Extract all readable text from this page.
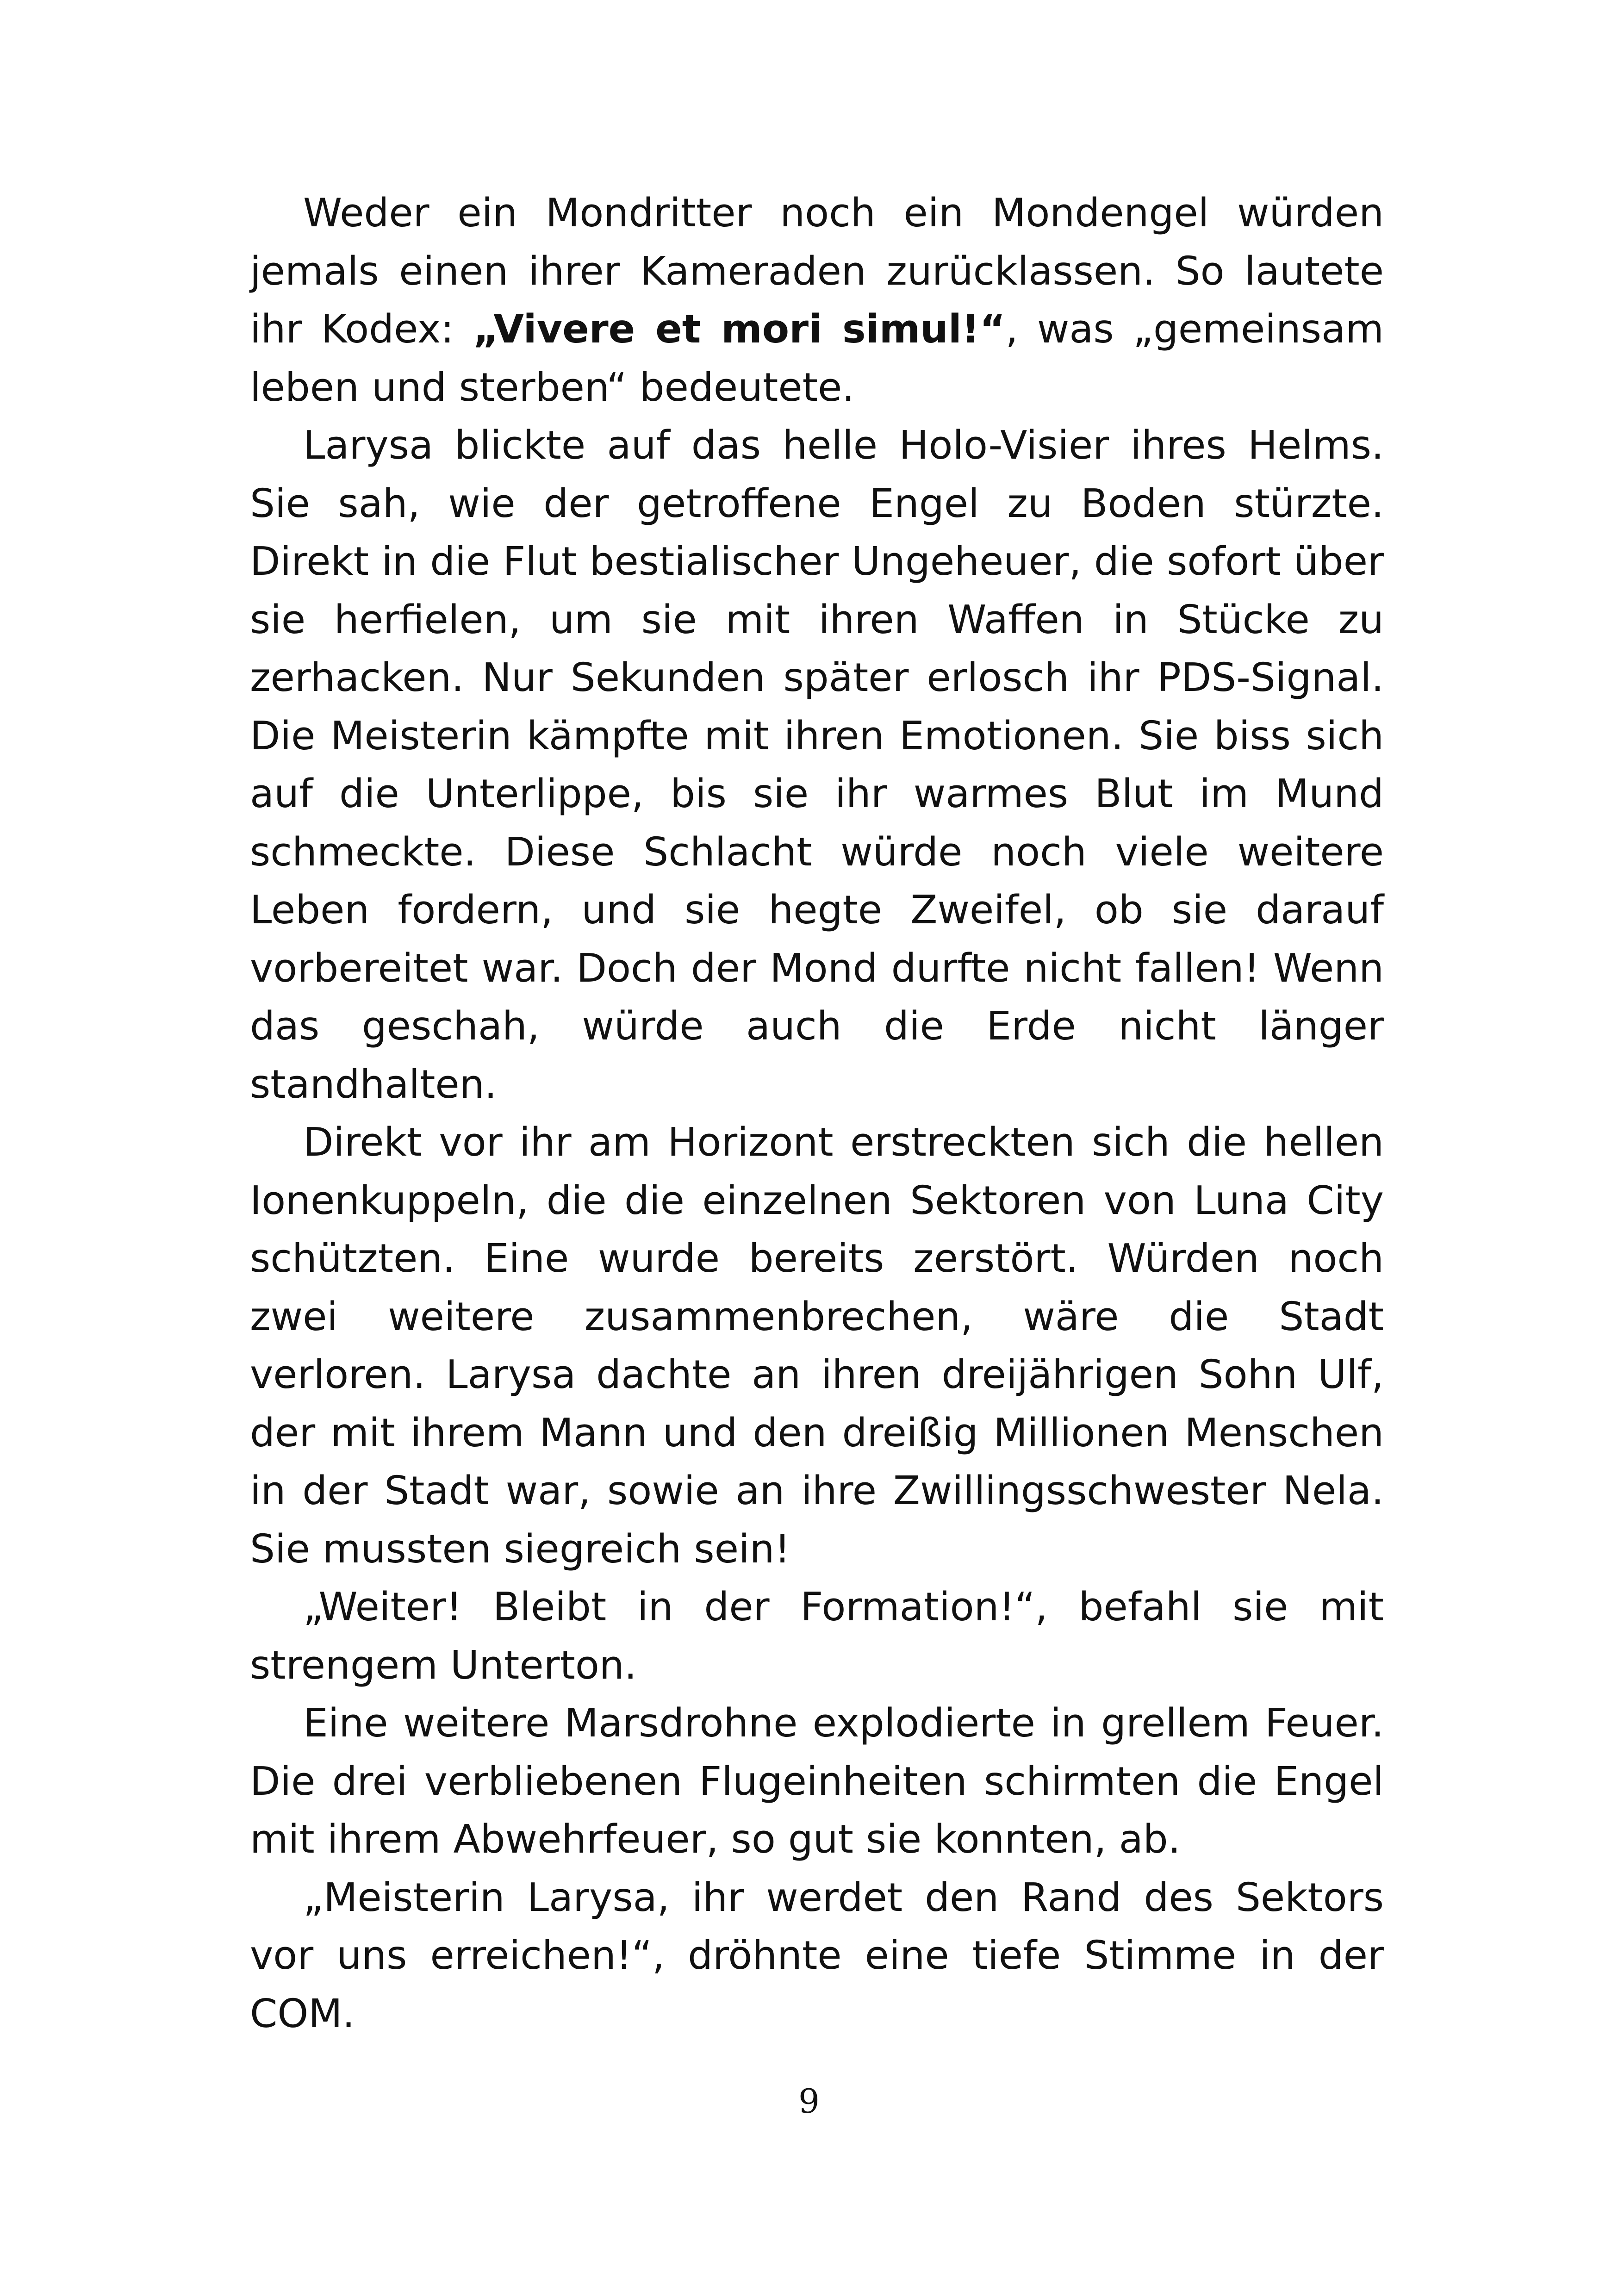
Weder ein Mondritter noch ein Mondengel würden jemals einen ihrer Kameraden zurücklassen. So lautete ihr Kodex: „Vivere et mori simul!“, was „gemeinsam leben und sterben“ bedeutete.

Larysa blickte auf das helle Holo-Visier ihres Helms. Sie sah, wie der getroffene Engel zu Boden stürzte. Direkt in die Flut bestialischer Ungeheuer, die sofort über sie herfielen, um sie mit ihren Waffen in Stücke zu zerhacken. Nur Sekunden später erlosch ihr PDS-Signal. Die Meisterin kämpfte mit ihren Emotionen. Sie biss sich auf die Unterlippe, bis sie ihr warmes Blut im Mund schmeckte. Diese Schlacht würde noch viele weitere Leben fordern, und sie hegte Zweifel, ob sie darauf vorbereitet war. Doch der Mond durfte nicht fallen! Wenn das geschah, würde auch die Erde nicht länger standhalten.

Direkt vor ihr am Horizont erstreckten sich die hellen Ionenkuppeln, die die einzelnen Sektoren von Luna City schützten. Eine wurde bereits zerstört. Würden noch zwei weitere zusammenbrechen, wäre die Stadt verloren. Larysa dachte an ihren dreijährigen Sohn Ulf, der mit ihrem Mann und den dreißig Millionen Menschen in der Stadt war, sowie an ihre Zwillingsschwester Nela. Sie mussten siegreich sein!

„Weiter! Bleibt in der Formation!“, befahl sie mit strengem Unterton.

Eine weitere Marsdrohne explodierte in grellem Feuer. Die drei verbliebenen Flugeinheiten schirmten die Engel mit ihrem Abwehrfeuer, so gut sie konnten, ab.

„Meisterin Larysa, ihr werdet den Rand des Sektors vor uns erreichen!“, dröhnte eine tiefe Stimme in der COM.

9
